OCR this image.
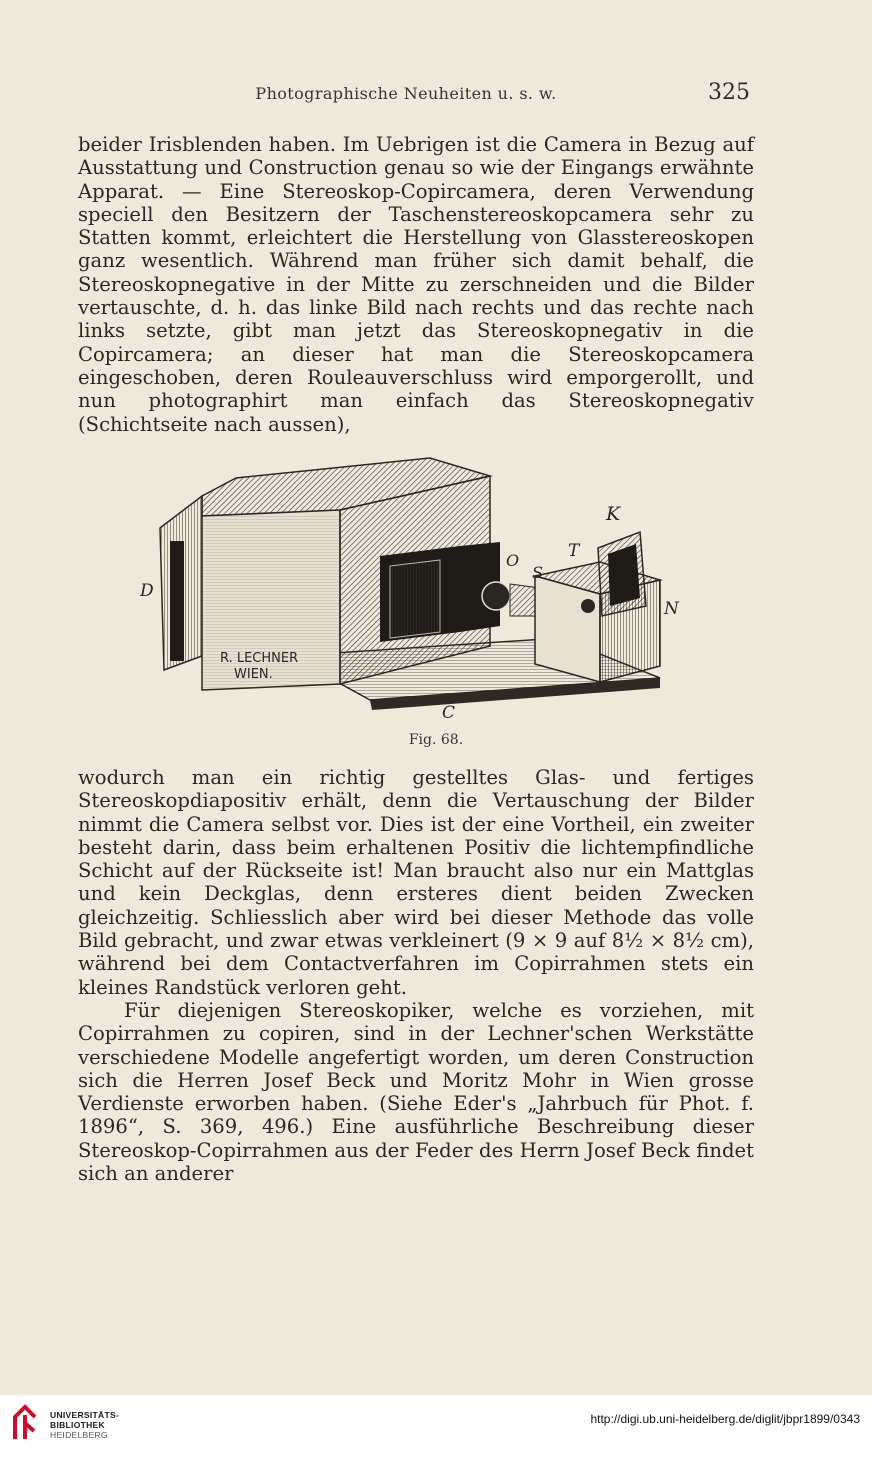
Photographische Neuheiten u. s. w.	325

beider Irisblenden haben. Im Uebrigen ist die Camera in Bezug auf Ausstattung und Construction genau so wie der Eingangs erwähnte Apparat. — Eine Stereoskop-Copircamera, deren Verwendung speciell den Besitzern der Taschenstereoskopcamera sehr zu Statten kommt, erleichtert die Herstellung von Glasstereoskopen ganz wesentlich. Während man früher sich damit behalf, die Stereoskopnegative in der Mitte zu zerschneiden und die Bilder vertauschte, d. h. das linke Bild nach rechts und das rechte nach links setzte, gibt man jetzt das Stereoskopnegativ in die Copircamera; an dieser hat man die Stereoskopcamera eingeschoben, deren Rouleauverschluss wird emporgerollt, und nun photographirt man einfach das Stereoskopnegativ (Schichtseite nach aussen),

R. LECHNER
WIEN.
D
O
S
T
K
N
C
Fig. 68.

wodurch man ein richtig gestelltes Glas- und fertiges Stereoskopdiapositiv erhält, denn die Vertauschung der Bilder nimmt die Camera selbst vor. Dies ist der eine Vortheil, ein zweiter besteht darin, dass beim erhaltenen Positiv die lichtempfindliche Schicht auf der Rückseite ist! Man braucht also nur ein Mattglas und kein Deckglas, denn ersteres dient beiden Zwecken gleichzeitig. Schliesslich aber wird bei dieser Methode das volle Bild gebracht, und zwar etwas verkleinert (9 × 9 auf 8½ × 8½ cm), während bei dem Contactverfahren im Copirrahmen stets ein kleines Randstück verloren geht.

Für diejenigen Stereoskopiker, welche es vorziehen, mit Copirrahmen zu copiren, sind in der Lechner'schen Werkstätte verschiedene Modelle angefertigt worden, um deren Construction sich die Herren Josef Beck und Moritz Mohr in Wien grosse Verdienste erworben haben. (Siehe Eder's „Jahrbuch für Phot. f. 1896“, S. 369, 496.) Eine ausführliche Beschreibung dieser Stereoskop-Copirrahmen aus der Feder des Herrn Josef Beck findet sich an anderer

UNIVERSITÄTS-
BIBLIOTHEK
HEIDELBERG
http://digi.ub.uni-heidelberg.de/diglit/jbpr1899/0343
